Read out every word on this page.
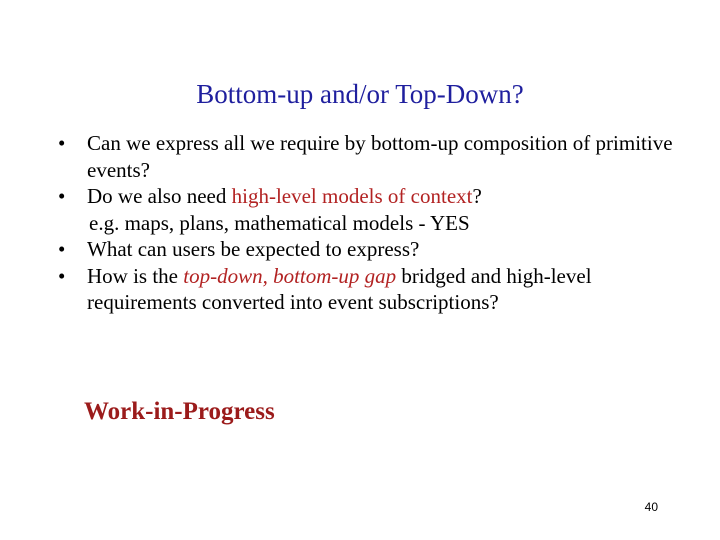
Bottom-up and/or Top-Down?
• Can we express all we require by bottom-up composition of primitive events?
• Do we also need high-level models of context?
e.g. maps, plans, mathematical models - YES
• What can users be expected to express?
• How is the top-down, bottom-up gap bridged and high-level requirements converted into event subscriptions?
Work-in-Progress
40
